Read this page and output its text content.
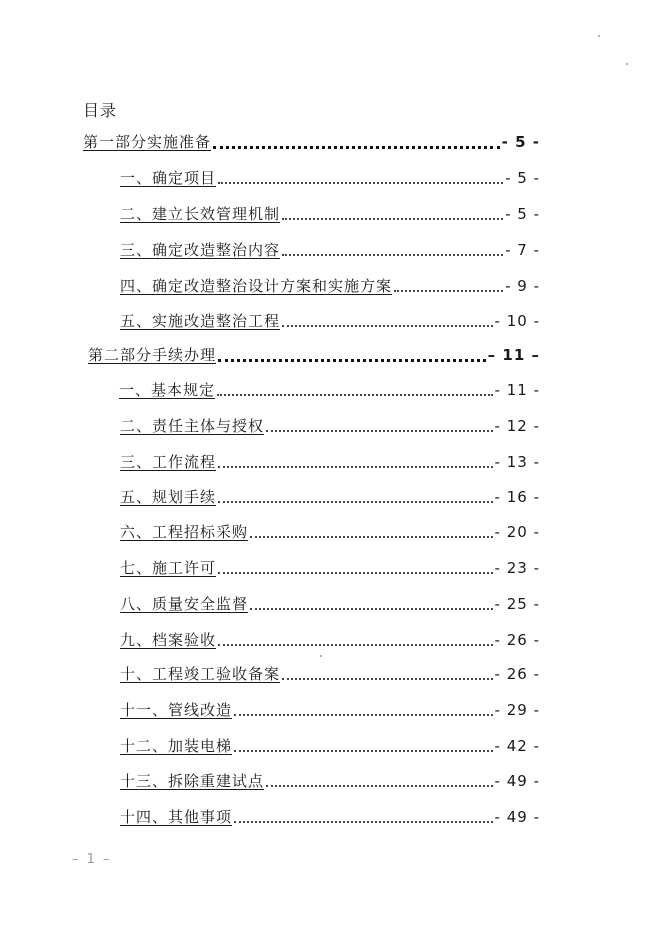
目录
第一部分实施准备	- 5 -
一、确定项目	- 5 -
二、建立长效管理机制	- 5 -
三、确定改造整治内容	- 7 -
四、确定改造整治设计方案和实施方案	- 9 -
五、实施改造整治工程	- 10 -
第二部分手续办理	– 11 –
一、基本规定	- 11 -
二、责任主体与授权	- 12 -
三、工作流程	- 13 -
五、规划手续	- 16 -
六、工程招标采购	- 20 -
七、施工许可	- 23 -
八、质量安全监督	- 25 -
九、档案验收	- 26 -
十、工程竣工验收备案	- 26 -
十一、管线改造	- 29 -
十二、加装电梯	- 42 -
十三、拆除重建试点	- 49 -
十四、其他事项	- 49 -
– 1 –
